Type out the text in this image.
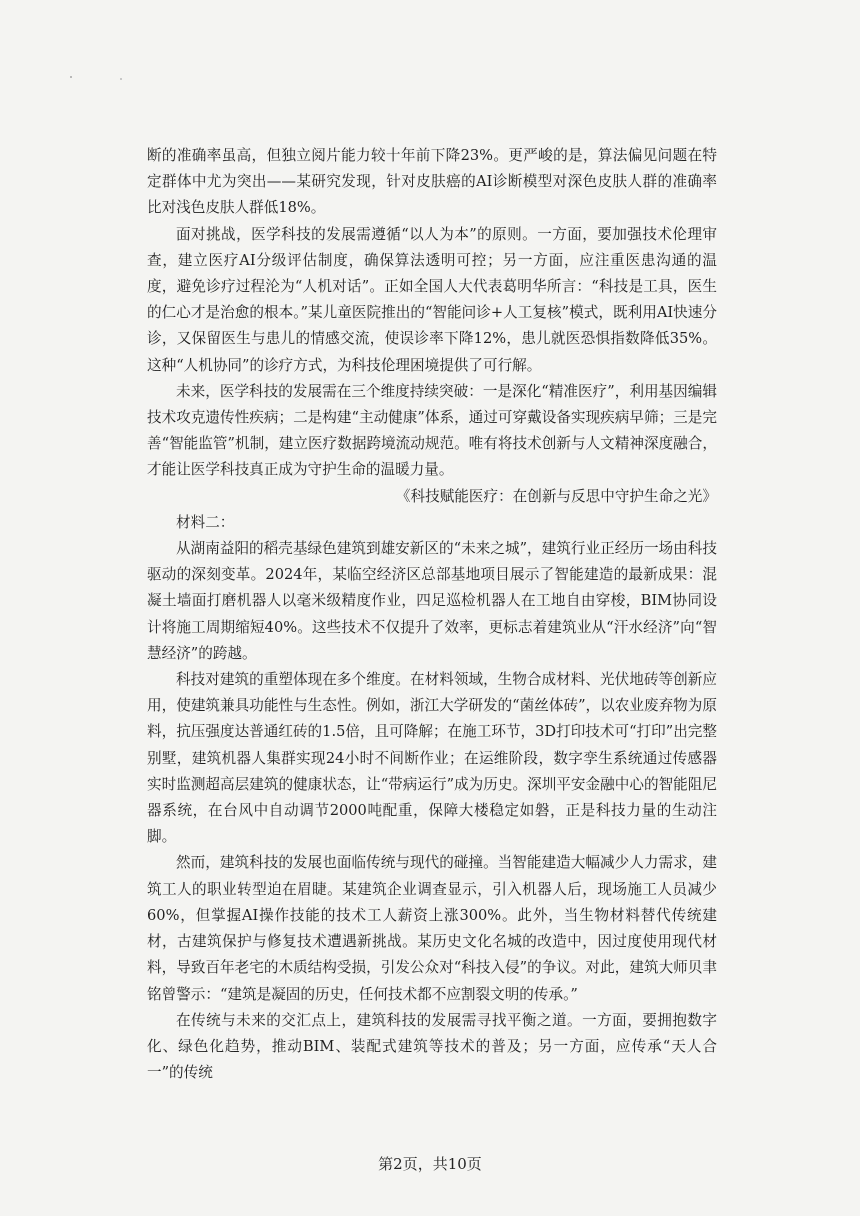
断的准确率虽高，但独立阅片能力较十年前下降23%。更严峻的是，算法偏见问题在特定群体中尤为突出——某研究发现，针对皮肤癌的AI诊断模型对深色皮肤人群的准确率比对浅色皮肤人群低18%。

面对挑战，医学科技的发展需遵循“以人为本”的原则。一方面，要加强技术伦理审查，建立医疗AI分级评估制度，确保算法透明可控；另一方面，应注重医患沟通的温度，避免诊疗过程沦为“人机对话”。正如全国人大代表葛明华所言：“科技是工具，医生的仁心才是治愈的根本。”某儿童医院推出的“智能问诊+人工复核”模式，既利用AI快速分诊，又保留医生与患儿的情感交流，使误诊率下降12%，患儿就医恐惧指数降低35%。这种“人机协同”的诊疗方式，为科技伦理困境提供了可行解。

未来，医学科技的发展需在三个维度持续突破：一是深化“精准医疗”，利用基因编辑技术攻克遗传性疾病；二是构建“主动健康”体系，通过可穿戴设备实现疾病早筛；三是完善“智能监管”机制，建立医疗数据跨境流动规范。唯有将技术创新与人文精神深度融合，才能让医学科技真正成为守护生命的温暖力量。

《科技赋能医疗：在创新与反思中守护生命之光》

材料二：

从湖南益阳的稻壳基绿色建筑到雄安新区的“未来之城”，建筑行业正经历一场由科技驱动的深刻变革。2024年，某临空经济区总部基地项目展示了智能建造的最新成果：混凝土墙面打磨机器人以毫米级精度作业，四足巡检机器人在工地自由穿梭，BIM协同设计将施工周期缩短40%。这些技术不仅提升了效率，更标志着建筑业从“汗水经济”向“智慧经济”的跨越。

科技对建筑的重塑体现在多个维度。在材料领域，生物合成材料、光伏地砖等创新应用，使建筑兼具功能性与生态性。例如，浙江大学研发的“菌丝体砖”，以农业废弃物为原料，抗压强度达普通红砖的1.5倍，且可降解；在施工环节，3D打印技术可“打印”出完整别墅，建筑机器人集群实现24小时不间断作业；在运维阶段，数字孪生系统通过传感器实时监测超高层建筑的健康状态，让“带病运行”成为历史。深圳平安金融中心的智能阻尼器系统，在台风中自动调节2000吨配重，保障大楼稳定如磐，正是科技力量的生动注脚。

然而，建筑科技的发展也面临传统与现代的碰撞。当智能建造大幅减少人力需求，建筑工人的职业转型迫在眉睫。某建筑企业调查显示，引入机器人后，现场施工人员减少60%，但掌握AI操作技能的技术工人薪资上涨300%。此外，当生物材料替代传统建材，古建筑保护与修复技术遭遇新挑战。某历史文化名城的改造中，因过度使用现代材料，导致百年老宅的木质结构受损，引发公众对“科技入侵”的争议。对此，建筑大师贝聿铭曾警示：“建筑是凝固的历史，任何技术都不应割裂文明的传承。”

在传统与未来的交汇点上，建筑科技的发展需寻找平衡之道。一方面，要拥抱数字化、绿色化趋势，推动BIM、装配式建筑等技术的普及；另一方面，应传承“天人合一”的传统

第2页，共10页
